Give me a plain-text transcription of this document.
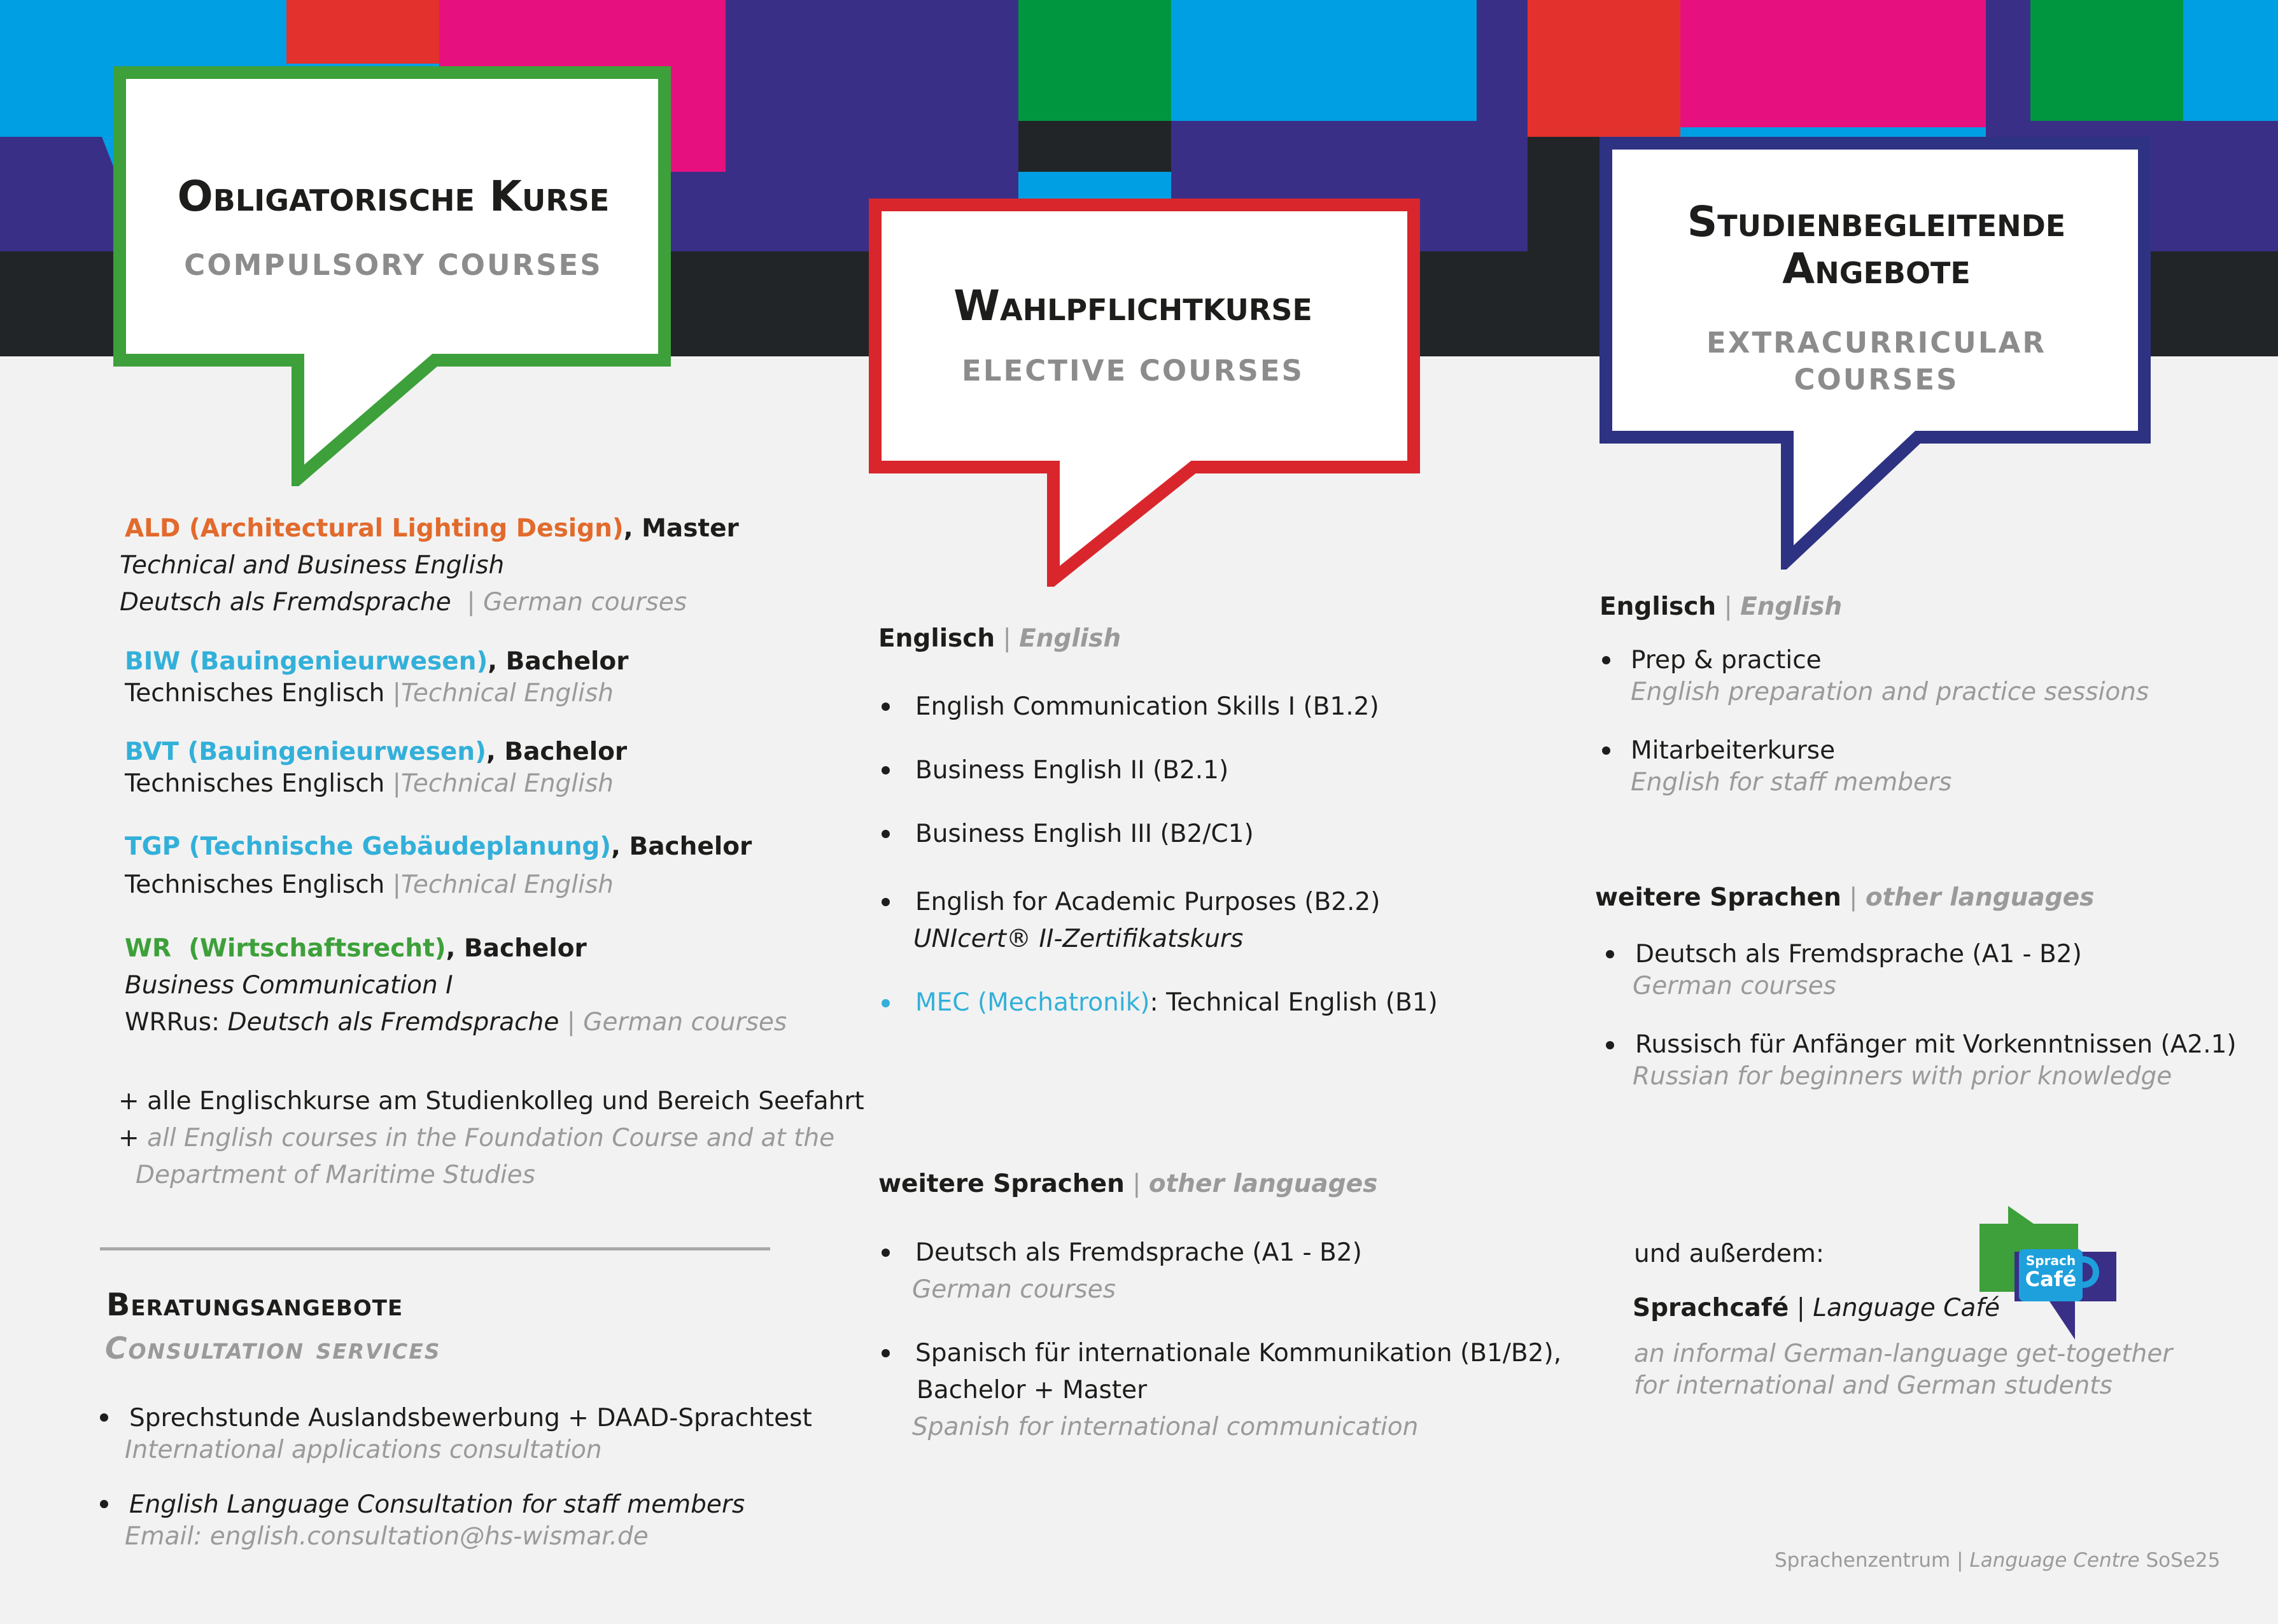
Obligatorische Kurse
COMPULSORY COURSES
Wahlpflichtkurse
ELECTIVE COURSES
Studienbegleitende
Angebote
EXTRACURRICULAR
COURSES
ALD (Architectural Lighting Design), Master
Technical and Business English
Deutsch als Fremdsprache | German courses
BIW (Bauingenieurwesen), Bachelor
Technisches Englisch |Technical English
BVT (Bauingenieurwesen), Bachelor
Technisches Englisch |Technical English
TGP (Technische Gebäudeplanung), Bachelor
Technisches Englisch |Technical English
WR  (Wirtschaftsrecht), Bachelor
Business Communication I
WRRus: Deutsch als Fremdsprache | German courses
+ alle Englischkurse am Studienkolleg und Bereich Seefahrt
+ all English courses in the Foundation Course and at the
Department of Maritime Studies
Beratungsangebote
Consultation services
Sprechstunde Auslandsbewerbung + DAAD-Sprachtest
International applications consultation
English Language Consultation for staff members
Email: english.consultation@hs-wismar.de
Englisch | English
English Communication Skills I (B1.2)
Business English II (B2.1)
Business English III (B2/C1)
English for Academic Purposes (B2.2)
UNIcert® II-Zertifikatskurs
MEC (Mechatronik): Technical English (B1)
weitere Sprachen | other languages
Deutsch als Fremdsprache (A1 - B2)
German courses
Spanisch für internationale Kommunikation (B1/B2),
Bachelor + Master
Spanish for international communication
Englisch | English
Prep & practice
English preparation and practice sessions
Mitarbeiterkurse
English for staff members
weitere Sprachen | other languages
Deutsch als Fremdsprache (A1 - B2)
German courses
Russisch für Anfänger mit Vorkenntnissen (A2.1)
Russian for beginners with prior knowledge
und außerdem:
Sprachcafé | Language Café
an informal German-language get-together
for international and German students
Sprach
Café
Sprachenzentrum | Language Centre SoSe25
